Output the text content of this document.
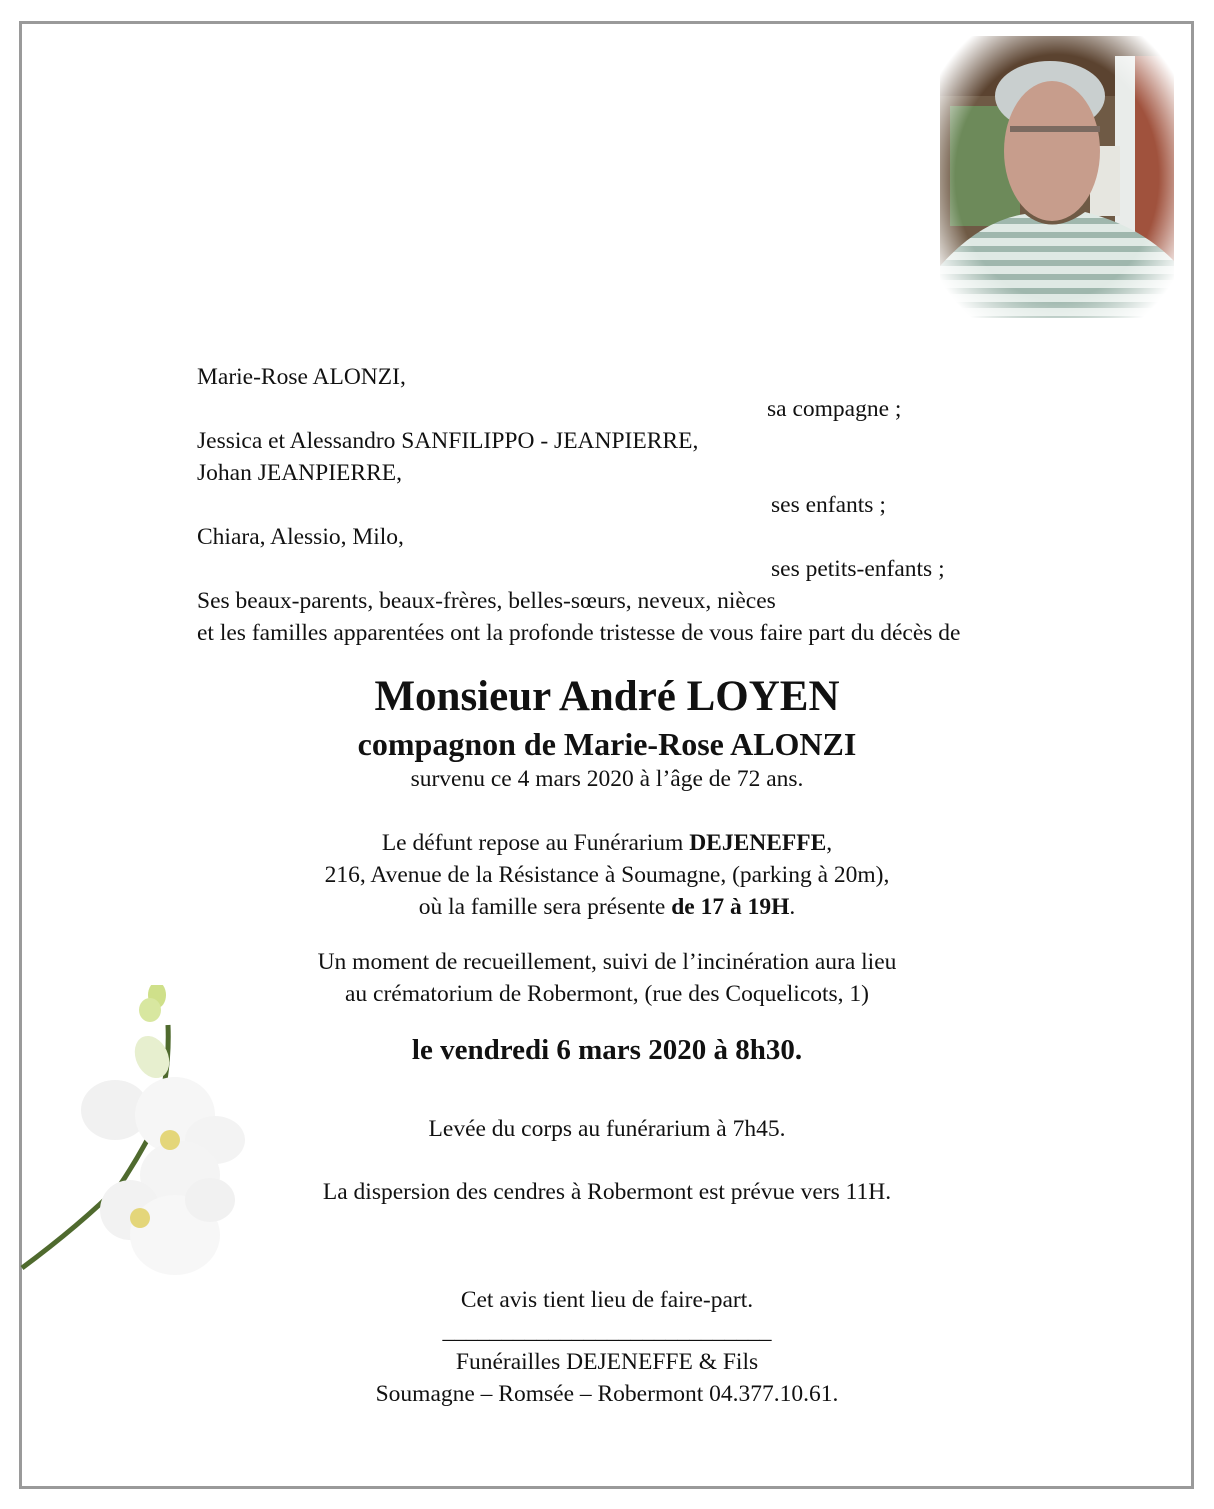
Marie-Rose ALONZI,
sa compagne ;
Jessica et Alessandro SANFILIPPO - JEANPIERRE,
Johan JEANPIERRE,
ses enfants ;
Chiara, Alessio, Milo,
ses petits-enfants ;
Ses beaux-parents, beaux-frères, belles-sœurs, neveux, nièces
et les familles apparentées ont la profonde tristesse de vous faire part du décès de
Monsieur André LOYEN
compagnon de Marie-Rose ALONZI
survenu ce 4 mars 2020 à l’âge de 72 ans.
Le défunt repose au Funérarium DEJENEFFE,
216, Avenue de la Résistance à Soumagne, (parking à 20m),
où la famille sera présente de 17 à 19H.
Un moment de recueillement, suivi de l’incinération aura lieu
au crématorium de Robermont, (rue des Coquelicots, 1)
le vendredi 6 mars 2020 à 8h30.
Levée du corps au funérarium à 7h45.
La dispersion des cendres à Robermont est prévue vers 11H.
Cet avis tient lieu de faire-part.
____________________________
Funérailles DEJENEFFE & Fils
Soumagne – Romsée – Robermont 04.377.10.61.
